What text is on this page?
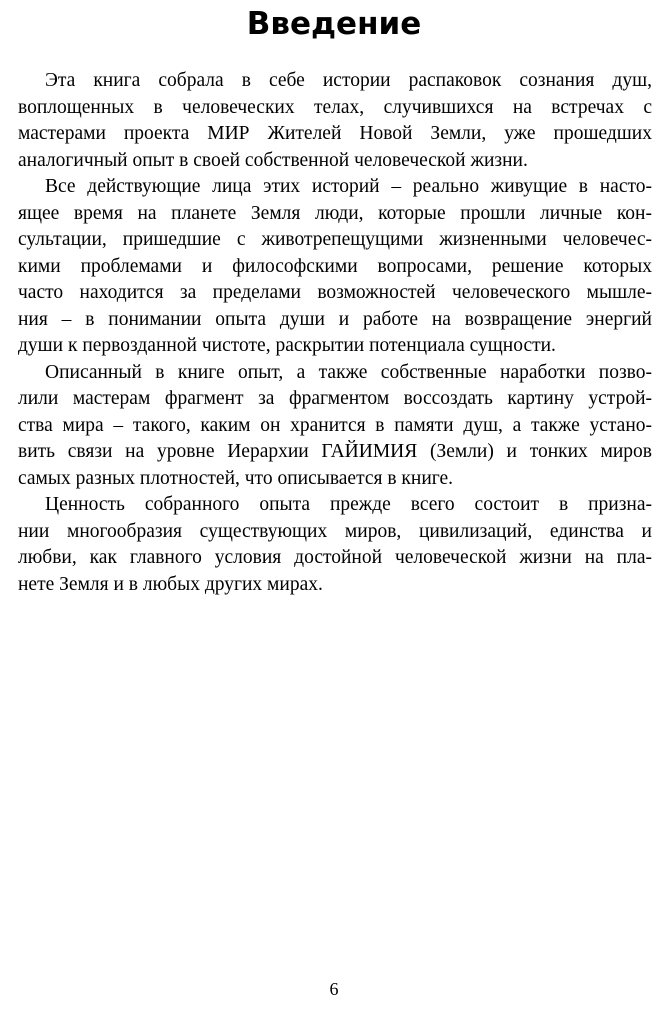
Введение

Эта книга собрала в себе истории распаковок сознания душ,
воплощенных в человеческих телах, случившихся на встречах с
мастерами проекта МИР Жителей Новой Земли, уже прошедших
аналогичный опыт в своей собственной человеческой жизни.

Все действующие лица этих историй – реально живущие в насто-
ящее время на планете Земля люди, которые прошли личные кон-
сультации, пришедшие с животрепещущими жизненными человечес-
кими проблемами и философскими вопросами, решение которых
часто находится за пределами возможностей человеческого мышле-
ния – в понимании опыта души и работе на возвращение энергий
души к первозданной чистоте, раскрытии потенциала сущности.

Описанный в книге опыт, а также собственные наработки позво-
лили мастерам фрагмент за фрагментом воссоздать картину устрой-
ства мира – такого, каким он хранится в памяти душ, а также устано-
вить связи на уровне Иерархии ГАЙИМИЯ (Земли) и тонких миров
самых разных плотностей, что описывается в книге.

Ценность собранного опыта прежде всего состоит в призна-
нии многообразия существующих миров, цивилизаций, единства и
любви, как главного условия достойной человеческой жизни на пла-
нете Земля и в любых других мирах.

6
